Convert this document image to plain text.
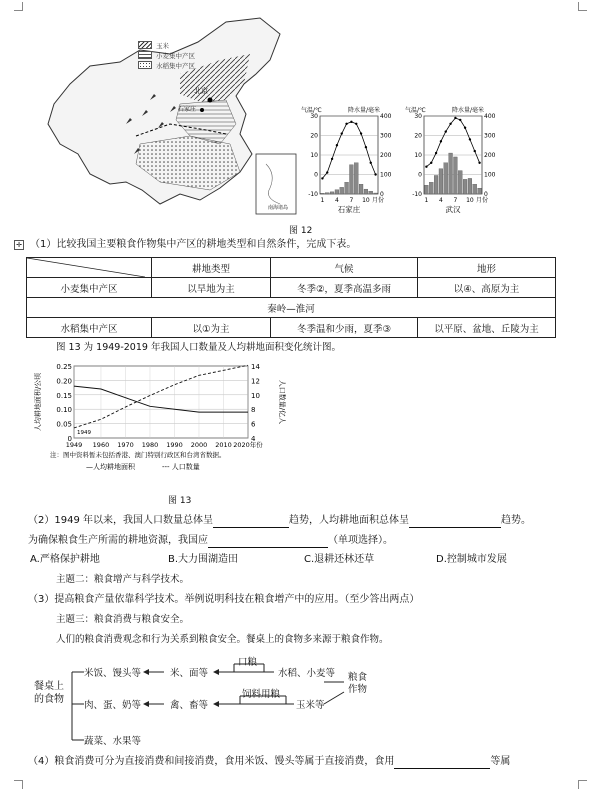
玉米
小麦集中产区
水稻集中产区
北京
石家庄
南海诸岛
气温/℃	降水量/毫米
30	400
20	300
10	200
0	100
-10	0
1 4 7 10 月份
石家庄
气温/℃	降水量/毫米
30	400
20	300
10	200
0	100
-10	0
1 4 7 10 月份
武汉
图 12
✛ （1）比较我国主要粮食作物集中产区的耕地类型和自然条件，完成下表。
	耕地类型	气候	地形
小麦集中产区	以旱地为主	冬季②，夏季高温多雨	以④、高原为主
秦岭—淮河			
水稻集中产区	以①为主	冬季温和少雨，夏季③	以平原、盆地、丘陵为主
图 13 为 1949-2019 年我国人口数量及人均耕地面积变化统计图。
0.25	14
0.20	12
0.15	10
0.10	8
0.05	6
0	4
1949 1960 1970 1980 1990 2000 2010 2020年份
人均耕地面积/公顷	人口数量/亿人
1949
注：图中资料暂未包括香港、澳门特别行政区和台湾省数据。
—人均耕地面积	--- 人口数量
图 13
（2）1949 年以来，我国人口数量总体呈	趋势，人均耕地面积总体呈	趋势。
为确保粮食生产所需的耕地资源，我国应	（单项选择）。
A.严格保护耕地	B.大力围湖造田	C.退耕还林还草	D.控制城市发展
主题二：粮食增产与科学技术。
（3）提高粮食产量依靠科学技术。举例说明科技在粮食增产中的应用。（至少答出两点）
主题三：粮食消费与粮食安全。
人们的粮食消费观念和行为关系到粮食安全。餐桌上的食物多来源于粮食作物。
餐桌上的食物
米饭、馒头等	米、面等
口粮
水稻、小麦等 粮食作物
肉、蛋、奶等	禽、畜等
饲料用粮
玉米等
蔬菜、水果等
（4）粮食消费可分为直接消费和间接消费，食用米饭、馒头等属于直接消费，食用	等属
